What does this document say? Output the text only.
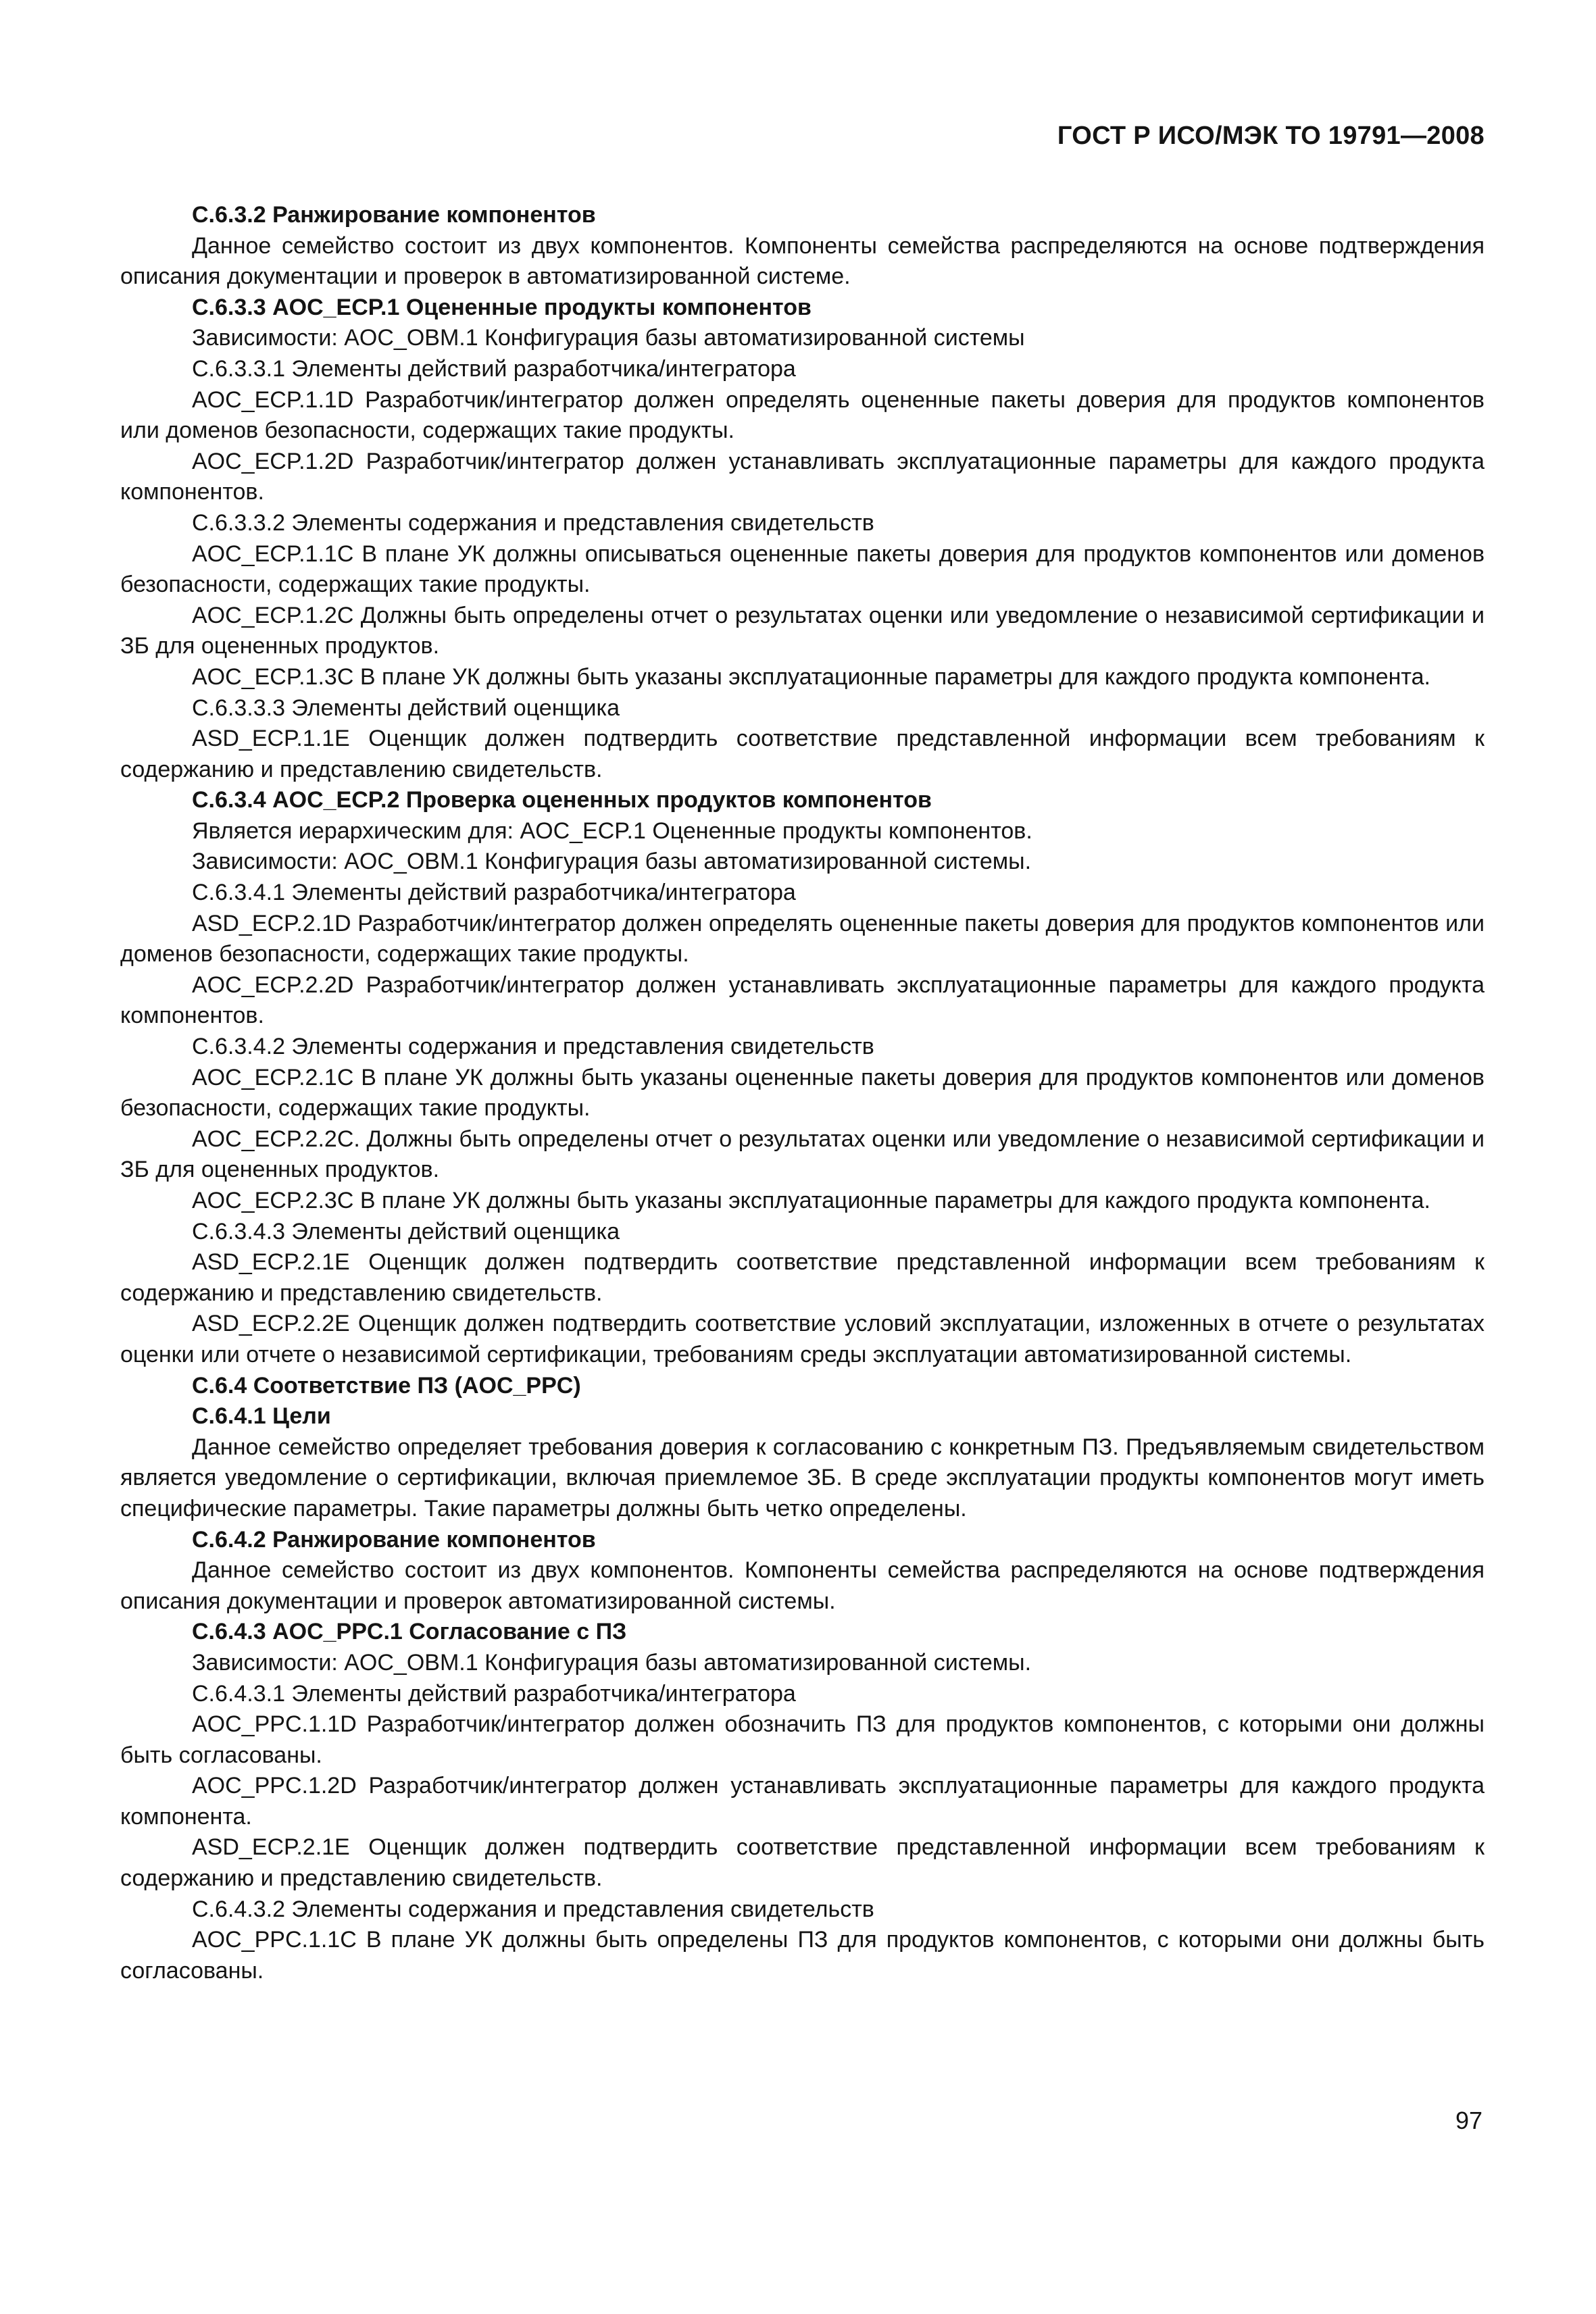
ГОСТ Р ИСО/МЭК ТО 19791—2008

С.6.3.2 Ранжирование компонентов

Данное семейство состоит из двух компонентов. Компоненты семейства распределяются на основе подтверждения описания документации и проверок в автоматизированной системе.

С.6.3.3 AOC_ECP.1 Оцененные продукты компонентов

Зависимости: AOC_OBM.1 Конфигурация базы автоматизированной системы

С.6.3.3.1 Элементы действий разработчика/интегратора

AOC_ECP.1.1D Разработчик/интегратор должен определять оцененные пакеты доверия для продуктов компонентов или доменов безопасности, содержащих такие продукты.

AOC_ECP.1.2D Разработчик/интегратор должен устанавливать эксплуатационные параметры для каждого продукта компонентов.

С.6.3.3.2 Элементы содержания и представления свидетельств

AOC_ECP.1.1C В плане УК должны описываться оцененные пакеты доверия для продуктов компонентов или доменов безопасности, содержащих такие продукты.

AOC_ECP.1.2C Должны быть определены отчет о результатах оценки или уведомление о независимой сертификации и ЗБ для оцененных продуктов.

AOC_ECP.1.3C В плане УК должны быть указаны эксплуатационные параметры для каждого продукта компонента.

С.6.3.3.3 Элементы действий оценщика

ASD_ECP.1.1E Оценщик должен подтвердить соответствие представленной информации всем требованиям к содержанию и представлению свидетельств.

С.6.3.4 AOC_ECP.2 Проверка оцененных продуктов компонентов

Является иерархическим для: AOC_ECP.1 Оцененные продукты компонентов.

Зависимости: AOC_OBM.1 Конфигурация базы автоматизированной системы.

С.6.3.4.1 Элементы действий разработчика/интегратора

ASD_ECP.2.1D Разработчик/интегратор должен определять оцененные пакеты доверия для продуктов компонентов или доменов безопасности, содержащих такие продукты.

AOC_ECP.2.2D Разработчик/интегратор должен устанавливать эксплуатационные параметры для каждого продукта компонентов.

С.6.3.4.2 Элементы содержания и представления свидетельств

AOC_ECP.2.1C В плане УК должны быть указаны оцененные пакеты доверия для продуктов компонентов или доменов безопасности, содержащих такие продукты.

AOC_ECP.2.2C. Должны быть определены отчет о результатах оценки или уведомление о независимой сертификации и ЗБ для оцененных продуктов.

AOC_ECP.2.3C В плане УК должны быть указаны эксплуатационные параметры для каждого продукта компонента.

С.6.3.4.3 Элементы действий оценщика

ASD_ECP.2.1E Оценщик должен подтвердить соответствие представленной информации всем требованиям к содержанию и представлению свидетельств.

ASD_ECP.2.2E Оценщик должен подтвердить соответствие условий эксплуатации, изложенных в отчете о результатах оценки или отчете о независимой сертификации, требованиям среды эксплуатации автоматизированной системы.

С.6.4 Соответствие ПЗ (AOC_PPC)

С.6.4.1 Цели

Данное семейство определяет требования доверия к согласованию с конкретным ПЗ. Предъявляемым свидетельством является уведомление о сертификации, включая приемлемое ЗБ. В среде эксплуатации продукты компонентов могут иметь специфические параметры. Такие параметры должны быть четко определены.

С.6.4.2 Ранжирование компонентов

Данное семейство состоит из двух компонентов. Компоненты семейства распределяются на основе подтверждения описания документации и проверок автоматизированной системы.

С.6.4.3 AOC_PPC.1 Согласование с ПЗ

Зависимости: AOC_OBM.1 Конфигурация базы автоматизированной системы.

С.6.4.3.1 Элементы действий разработчика/интегратора

AOC_PPC.1.1D Разработчик/интегратор должен обозначить ПЗ для продуктов компонентов, с которыми они должны быть согласованы.

AOC_PPC.1.2D Разработчик/интегратор должен устанавливать эксплуатационные параметры для каждого продукта компонента.

ASD_ECP.2.1E Оценщик должен подтвердить соответствие представленной информации всем требованиям к содержанию и представлению свидетельств.

С.6.4.3.2 Элементы содержания и представления свидетельств

AOC_PPC.1.1C В плане УК должны быть определены ПЗ для продуктов компонентов, с которыми они должны быть согласованы.

97
